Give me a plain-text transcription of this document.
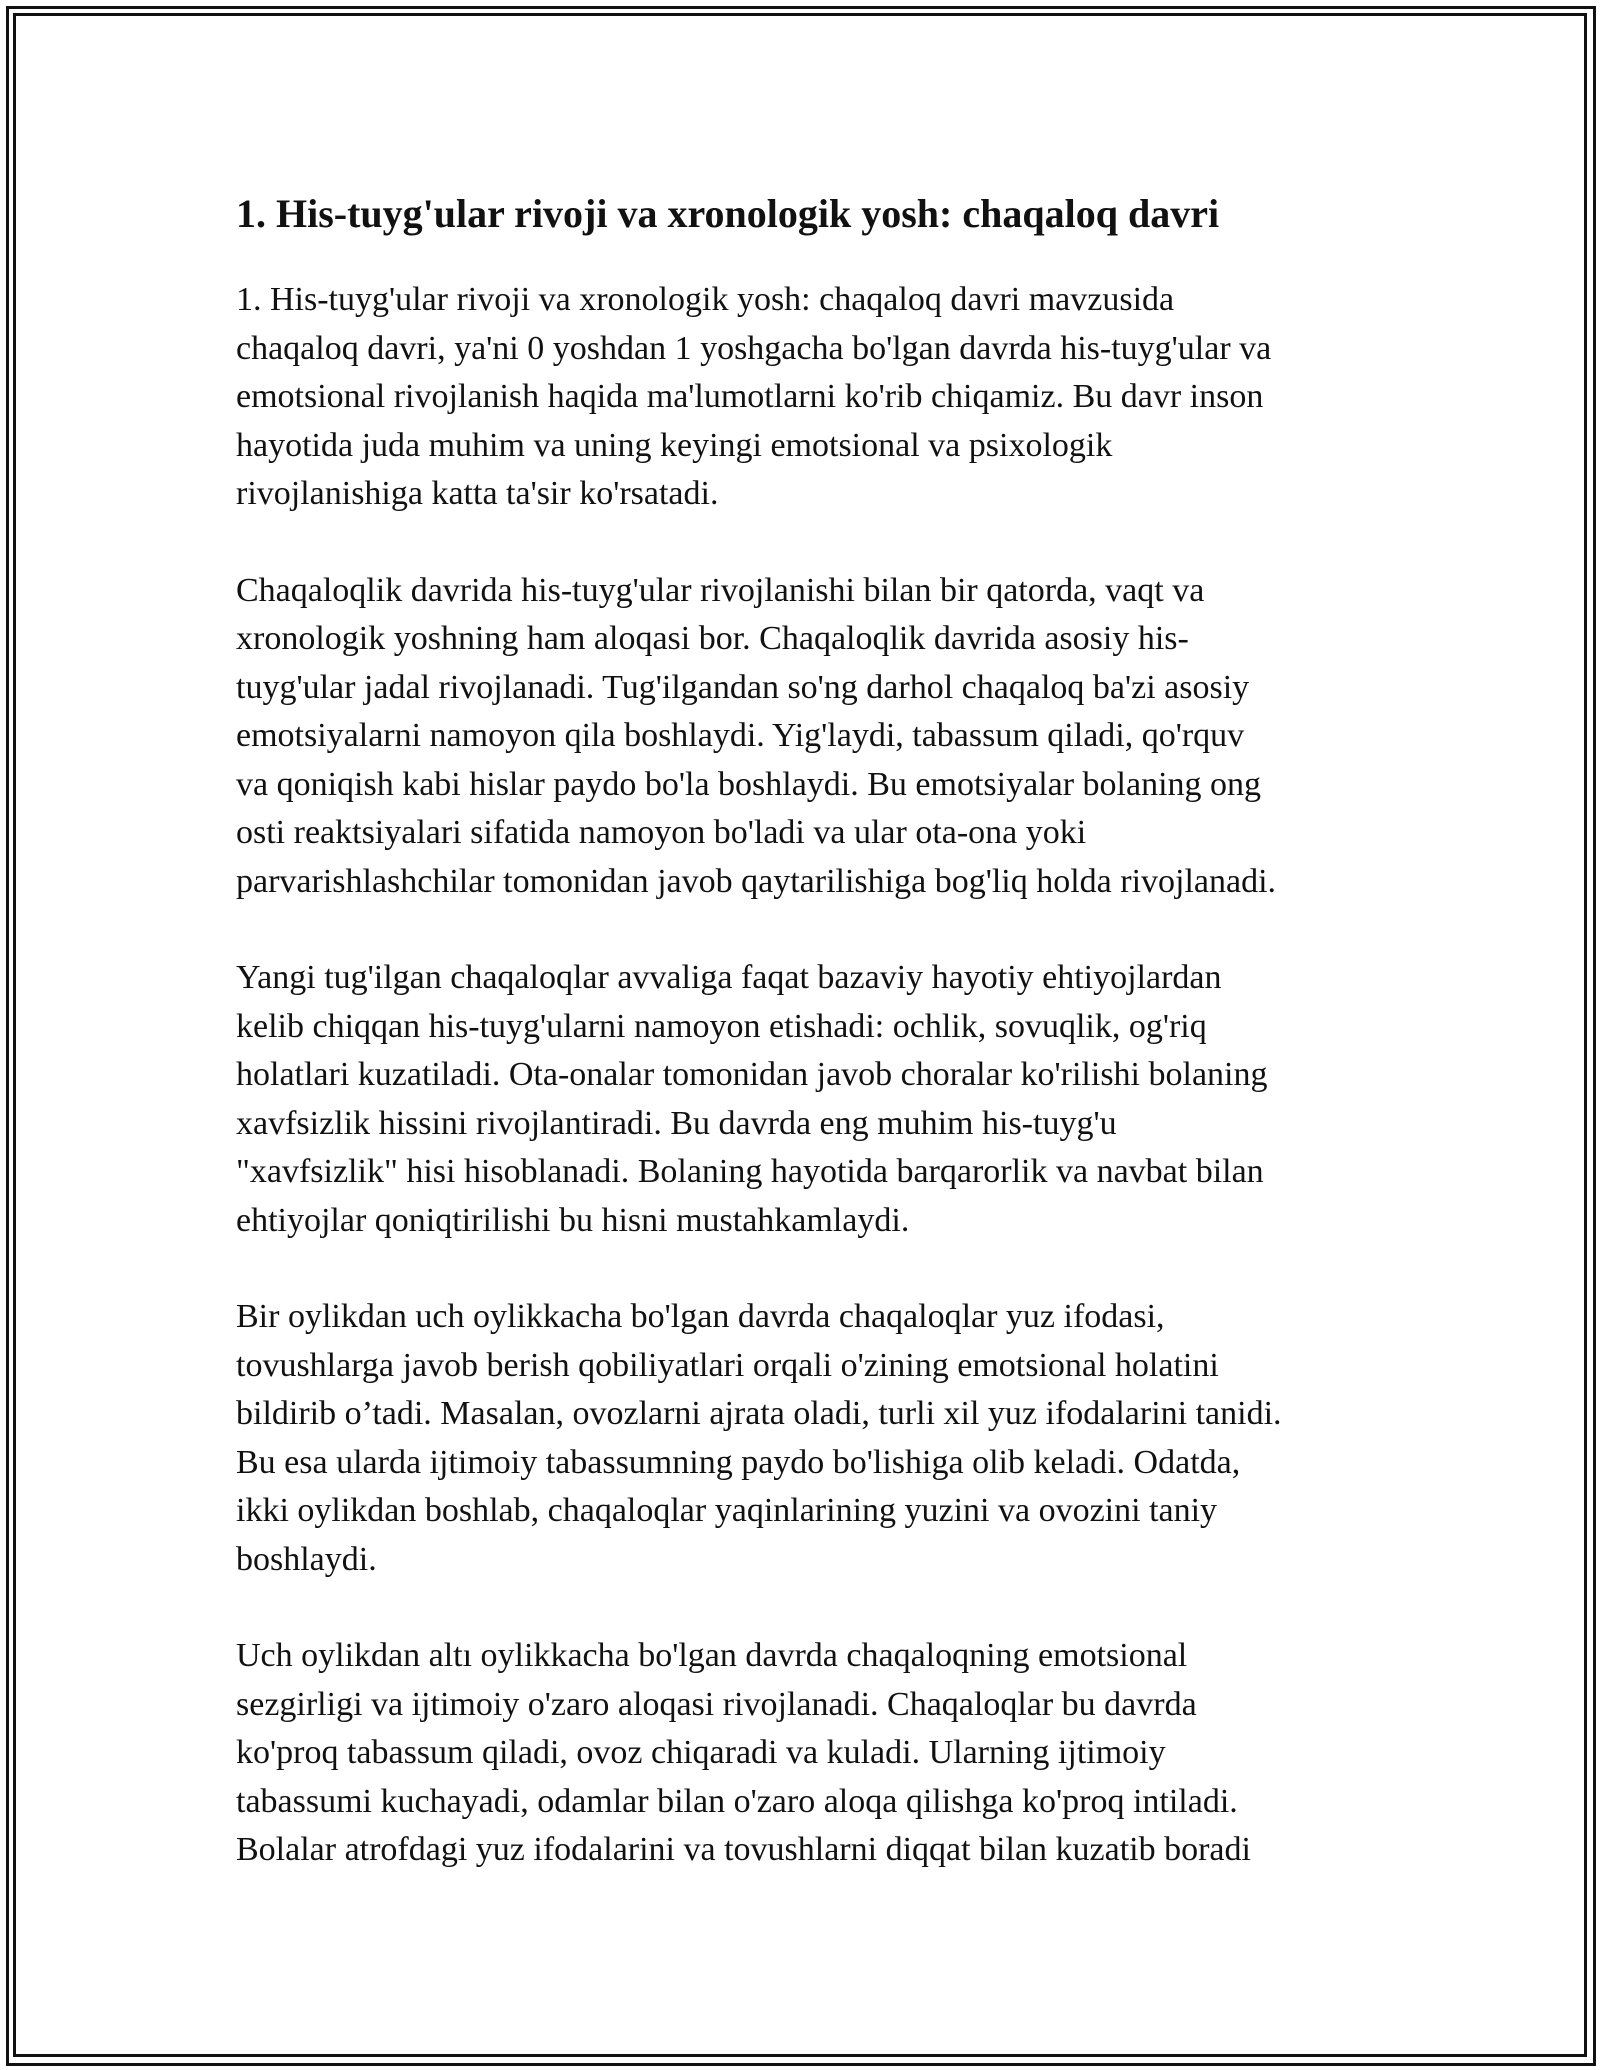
1. His-tuyg'ular rivoji va xronologik yosh: chaqaloq davri

1. His-tuyg'ular rivoji va xronologik yosh: chaqaloq davri mavzusida
chaqaloq davri, ya'ni 0 yoshdan 1 yoshgacha bo'lgan davrda his-tuyg'ular va
emotsional rivojlanish haqida ma'lumotlarni ko'rib chiqamiz. Bu davr inson
hayotida juda muhim va uning keyingi emotsional va psixologik
rivojlanishiga katta ta'sir ko'rsatadi.

Chaqaloqlik davrida his-tuyg'ular rivojlanishi bilan bir qatorda, vaqt va
xronologik yoshning ham aloqasi bor. Chaqaloqlik davrida asosiy his-
tuyg'ular jadal rivojlanadi. Tug'ilgandan so'ng darhol chaqaloq ba'zi asosiy
emotsiyalarni namoyon qila boshlaydi. Yig'laydi, tabassum qiladi, qo'rquv
va qoniqish kabi hislar paydo bo'la boshlaydi. Bu emotsiyalar bolaning ong
osti reaktsiyalari sifatida namoyon bo'ladi va ular ota-ona yoki
parvarishlashchilar tomonidan javob qaytarilishiga bog'liq holda rivojlanadi.

Yangi tug'ilgan chaqaloqlar avvaliga faqat bazaviy hayotiy ehtiyojlardan
kelib chiqqan his-tuyg'ularni namoyon etishadi: ochlik, sovuqlik, og'riq
holatlari kuzatiladi. Ota-onalar tomonidan javob choralar ko'rilishi bolaning
xavfsizlik hissini rivojlantiradi. Bu davrda eng muhim his-tuyg'u
"xavfsizlik" hisi hisoblanadi. Bolaning hayotida barqarorlik va navbat bilan
ehtiyojlar qoniqtirilishi bu hisni mustahkamlaydi.

Bir oylikdan uch oylikkacha bo'lgan davrda chaqaloqlar yuz ifodasi,
tovushlarga javob berish qobiliyatlari orqali o'zining emotsional holatini
bildirib o’tadi. Masalan, ovozlarni ajrata oladi, turli xil yuz ifodalarini tanidi.
Bu esa ularda ijtimoiy tabassumning paydo bo'lishiga olib keladi. Odatda,
ikki oylikdan boshlab, chaqaloqlar yaqinlarining yuzini va ovozini taniy
boshlaydi.

Uch oylikdan altı oylikkacha bo'lgan davrda chaqaloqning emotsional
sezgirligi va ijtimoiy o'zaro aloqasi rivojlanadi. Chaqaloqlar bu davrda
ko'proq tabassum qiladi, ovoz chiqaradi va kuladi. Ularning ijtimoiy
tabassumi kuchayadi, odamlar bilan o'zaro aloqa qilishga ko'proq intiladi.
Bolalar atrofdagi yuz ifodalarini va tovushlarni diqqat bilan kuzatib boradi
